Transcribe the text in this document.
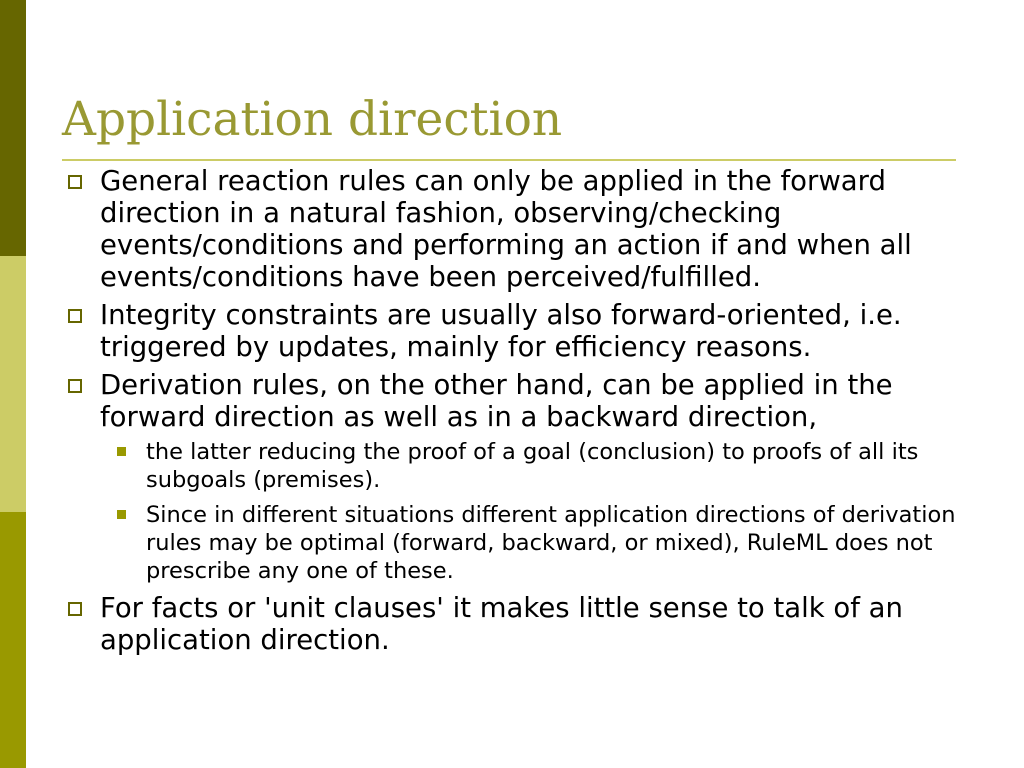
Application direction
General reaction rules can only be applied in the forward direction in a natural fashion, observing/checking events/conditions and performing an action if and when all events/conditions have been perceived/fulfilled.
Integrity constraints are usually also forward-oriented, i.e. triggered by updates, mainly for efficiency reasons.
Derivation rules, on the other hand, can be applied in the forward direction as well as in a backward direction,
the latter reducing the proof of a goal (conclusion) to proofs of all its subgoals (premises).
Since in different situations different application directions of derivation rules may be optimal (forward, backward, or mixed), RuleML does not prescribe any one of these.
For facts or 'unit clauses' it makes little sense to talk of an application direction.
